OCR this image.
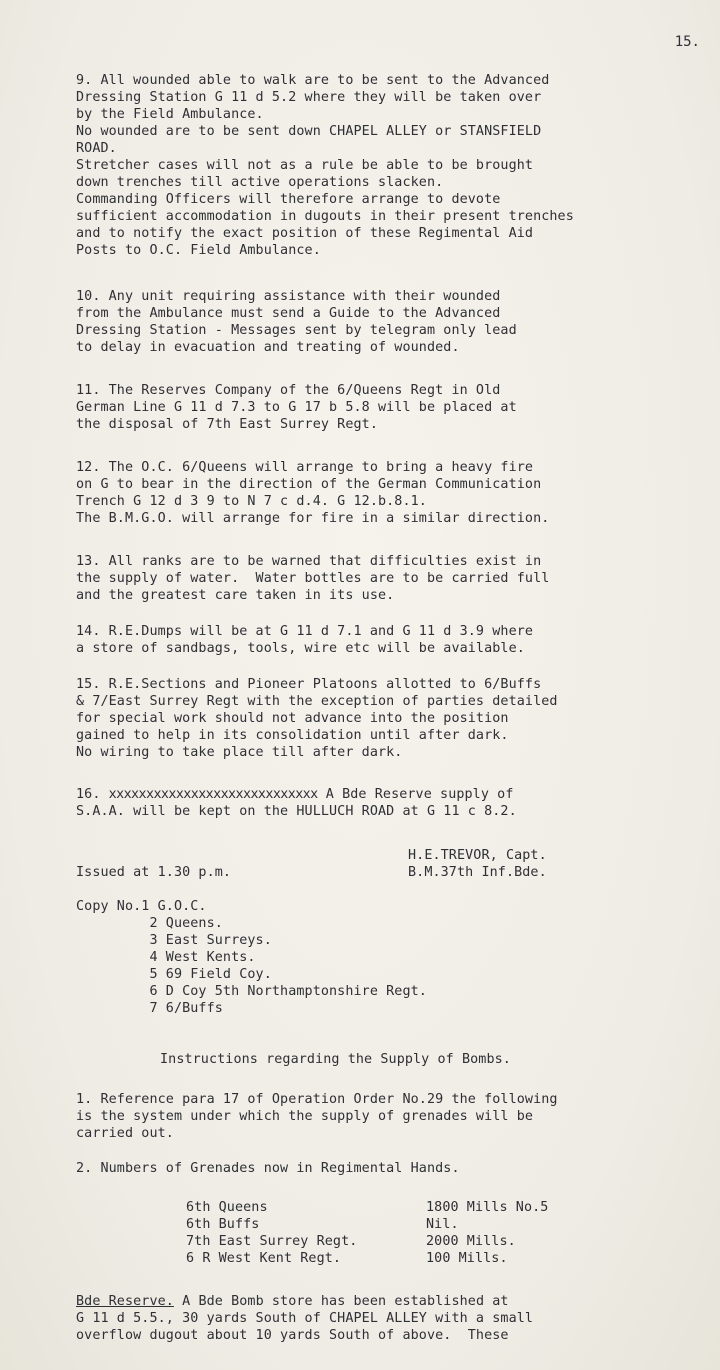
15.

9. All wounded able to walk are to be sent to the Advanced

Dressing Station G 11 d 5.2 where they will be taken over

by the Field Ambulance.

No wounded are to be sent down CHAPEL ALLEY or STANSFIELD

ROAD.

Stretcher cases will not as a rule be able to be brought

down trenches till active operations slacken.

Commanding Officers will therefore arrange to devote

sufficient accommodation in dugouts in their present trenches

and to notify the exact position of these Regimental Aid

Posts to O.C. Field Ambulance.

10. Any unit requiring assistance with their wounded

from the Ambulance must send a Guide to the Advanced

Dressing Station - Messages sent by telegram only lead

to delay in evacuation and treating of wounded.

11. The Reserves Company of the 6/Queens Regt in Old

German Line G 11 d 7.3 to G 17 b 5.8 will be placed at

the disposal of 7th East Surrey Regt.

12. The O.C. 6/Queens will arrange to bring a heavy fire

on G to bear in the direction of the German Communication

Trench G 12 d 3 9 to N 7 c d.4. G 12.b.8.1.

The B.M.G.O. will arrange for fire in a similar direction.

13. All ranks are to be warned that difficulties exist in

the supply of water.  Water bottles are to be carried full

and the greatest care taken in its use.

14. R.E.Dumps will be at G 11 d 7.1 and G 11 d 3.9 where

a store of sandbags, tools, wire etc will be available.

15. R.E.Sections and Pioneer Platoons allotted to 6/Buffs

& 7/East Surrey Regt with the exception of parties detailed

for special work should not advance into the position

gained to help in its consolidation until after dark.

No wiring to take place till after dark.

16. xxxxxxxxxxxxxxxxxxxxxxxxxxxx A Bde Reserve supply of

S.A.A. will be kept on the HULLUCH ROAD at G 11 c 8.2.

H.E.TREVOR, Capt.

B.M.37th Inf.Bde.

Issued at 1.30 p.m.

Copy No.1 G.O.C.

2 Queens.

3 East Surreys.

4 West Kents.

5 69 Field Coy.

6 D Coy 5th Northamptonshire Regt.

7 6/Buffs

Instructions regarding the Supply of Bombs.

1. Reference para 17 of Operation Order No.29 the following

is the system under which the supply of grenades will be

carried out.

2. Numbers of Grenades now in Regimental Hands.

6th Queens	1800 Mills No.5

6th Buffs	Nil.

7th East Surrey Regt.	2000 Mills.

6 R West Kent Regt.	100 Mills.

Bde Reserve. A Bde Bomb store has been established at

G 11 d 5.5., 30 yards South of CHAPEL ALLEY with a small

overflow dugout about 10 yards South of above.  These
